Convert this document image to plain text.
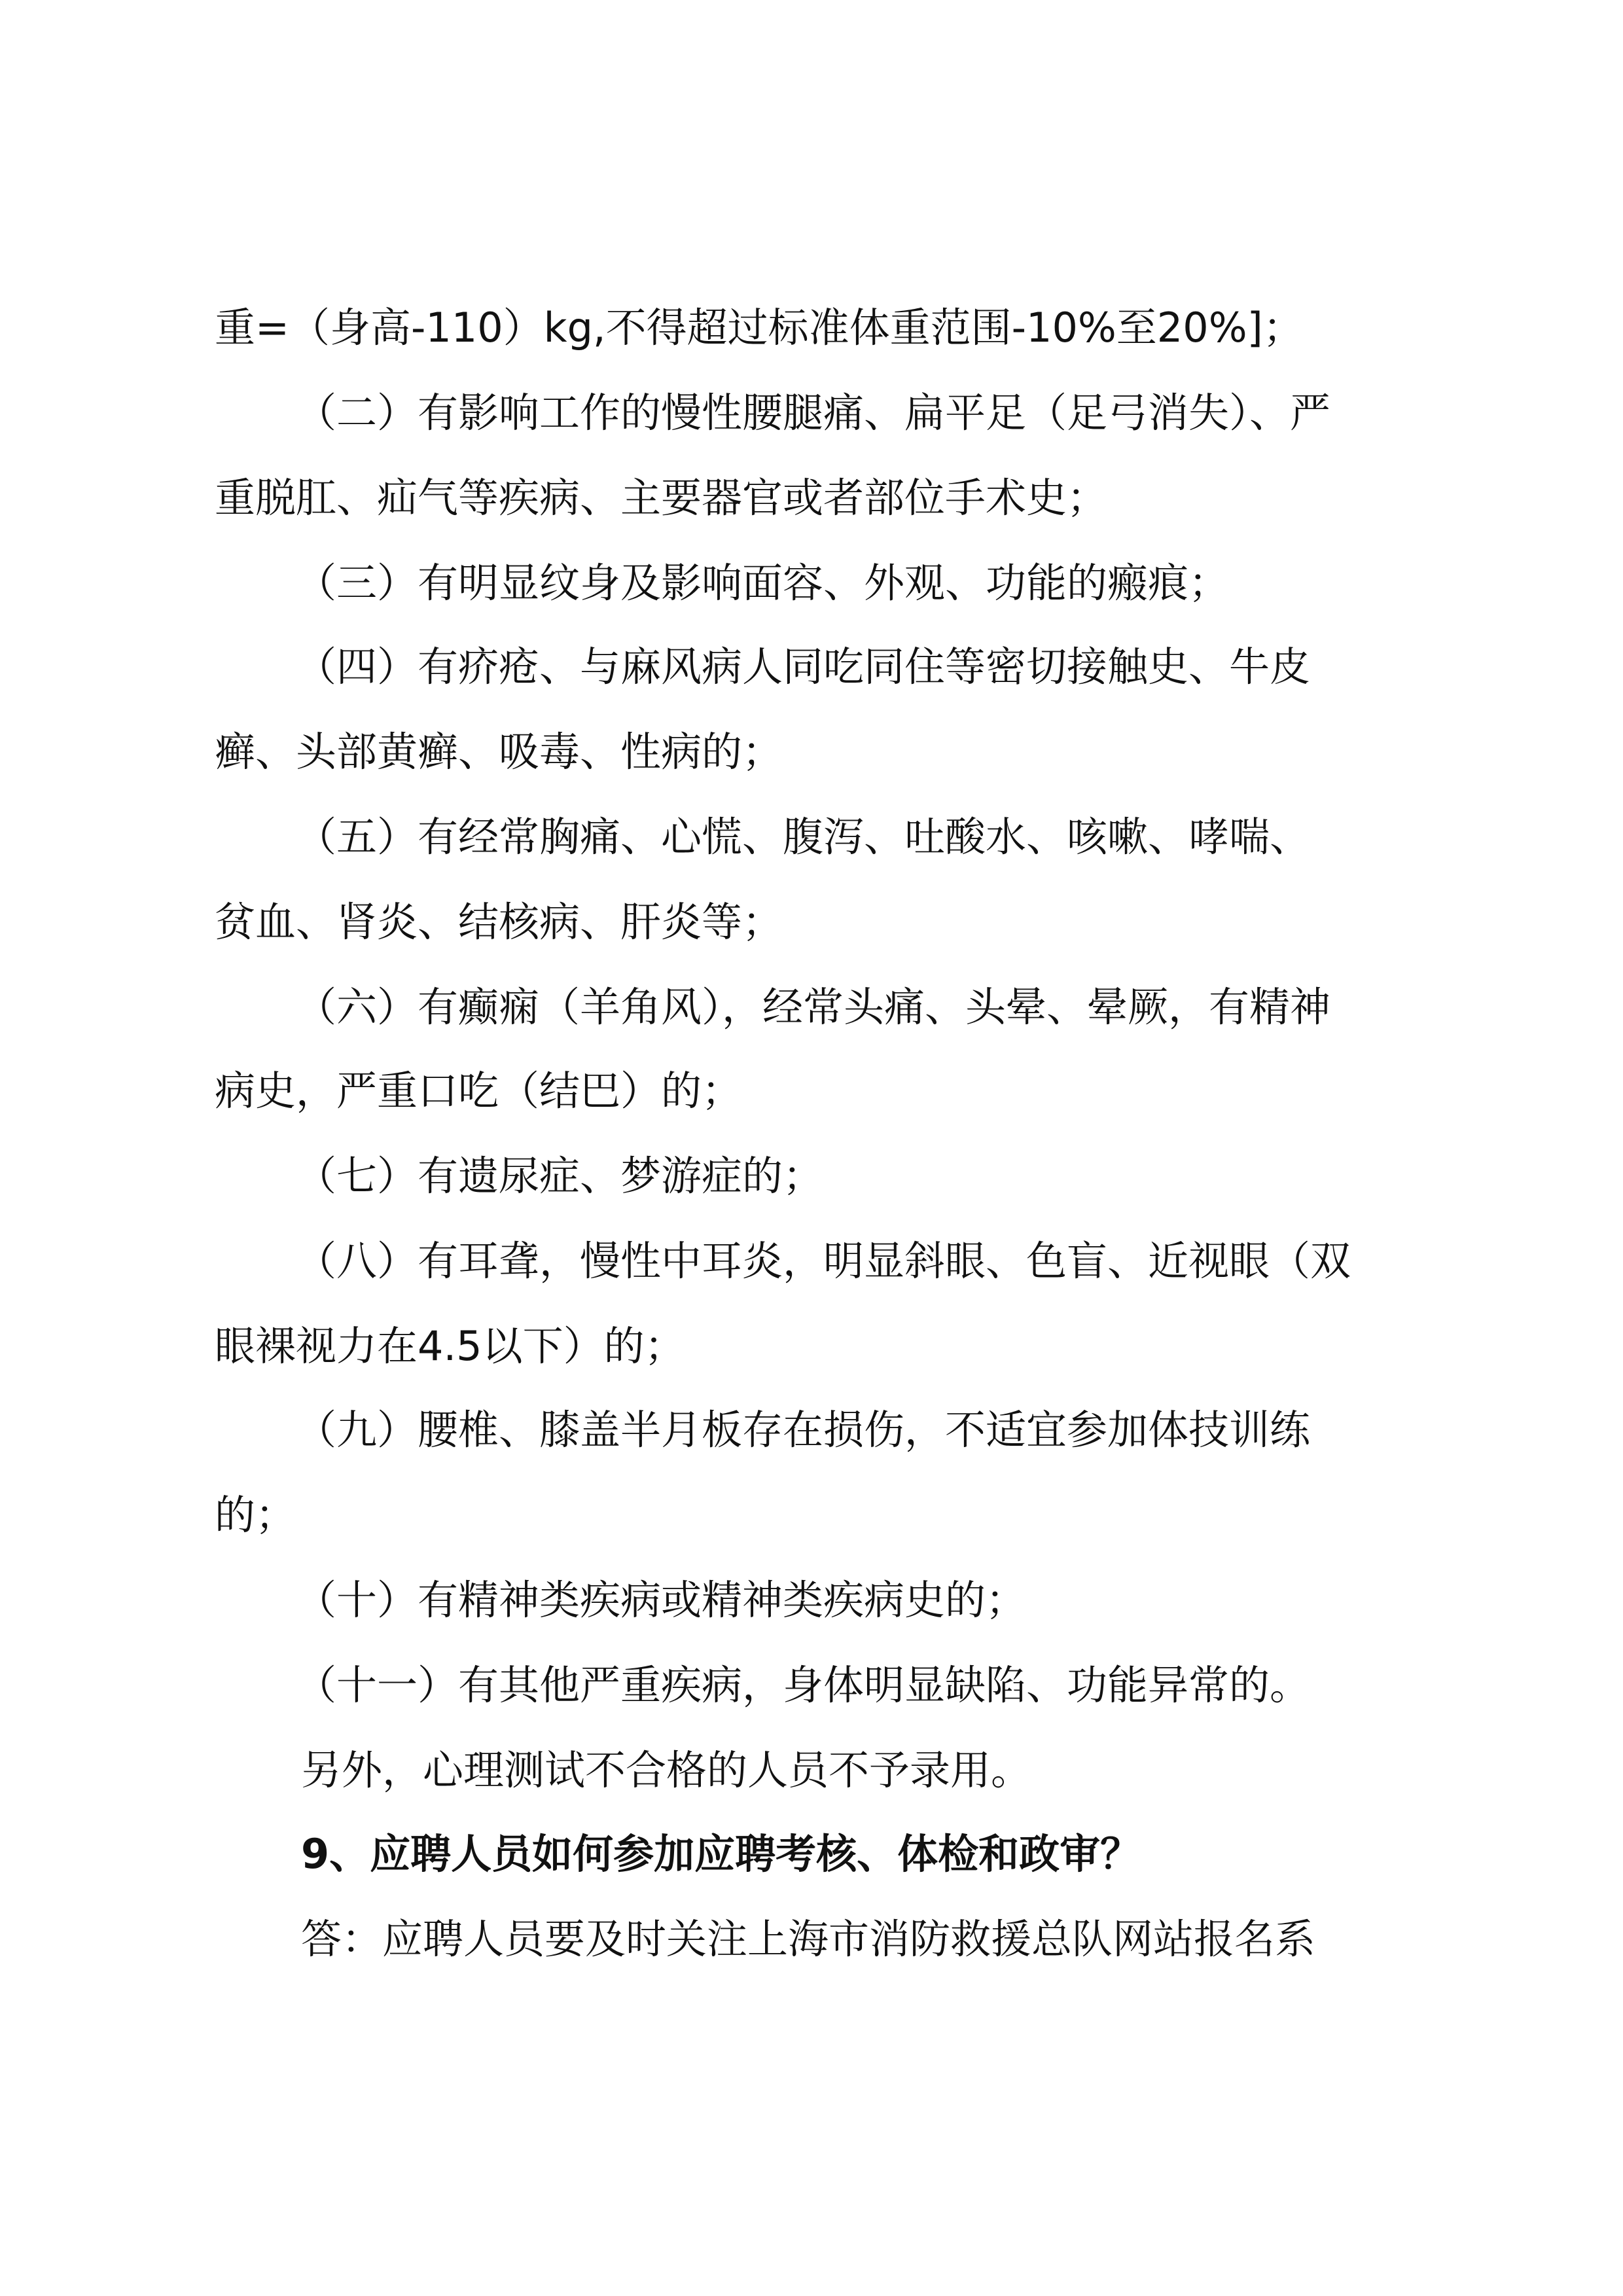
重=（身高-110）kg,不得超过标准体重范围-10%至20%]；
（二）有影响工作的慢性腰腿痛、扁平足（足弓消失）、严
重脱肛、疝气等疾病、主要器官或者部位手术史；
（三）有明显纹身及影响面容、外观、功能的瘢痕；
（四）有疥疮、与麻风病人同吃同住等密切接触史、牛皮
癣、头部黄癣、吸毒、性病的；
（五）有经常胸痛、心慌、腹泻、吐酸水、咳嗽、哮喘、
贫血、肾炎、结核病、肝炎等；
（六）有癫痫（羊角风），经常头痛、头晕、晕厥，有精神
病史，严重口吃（结巴）的；
（七）有遗尿症、梦游症的；
（八）有耳聋，慢性中耳炎，明显斜眼、色盲、近视眼（双
眼裸视力在4.5以下）的；
（九）腰椎、膝盖半月板存在损伤，不适宜参加体技训练
的；
（十）有精神类疾病或精神类疾病史的；
（十一）有其他严重疾病，身体明显缺陷、功能异常的。
另外，心理测试不合格的人员不予录用。
9、应聘人员如何参加应聘考核、体检和政审？
答：应聘人员要及时关注上海市消防救援总队网站报名系
